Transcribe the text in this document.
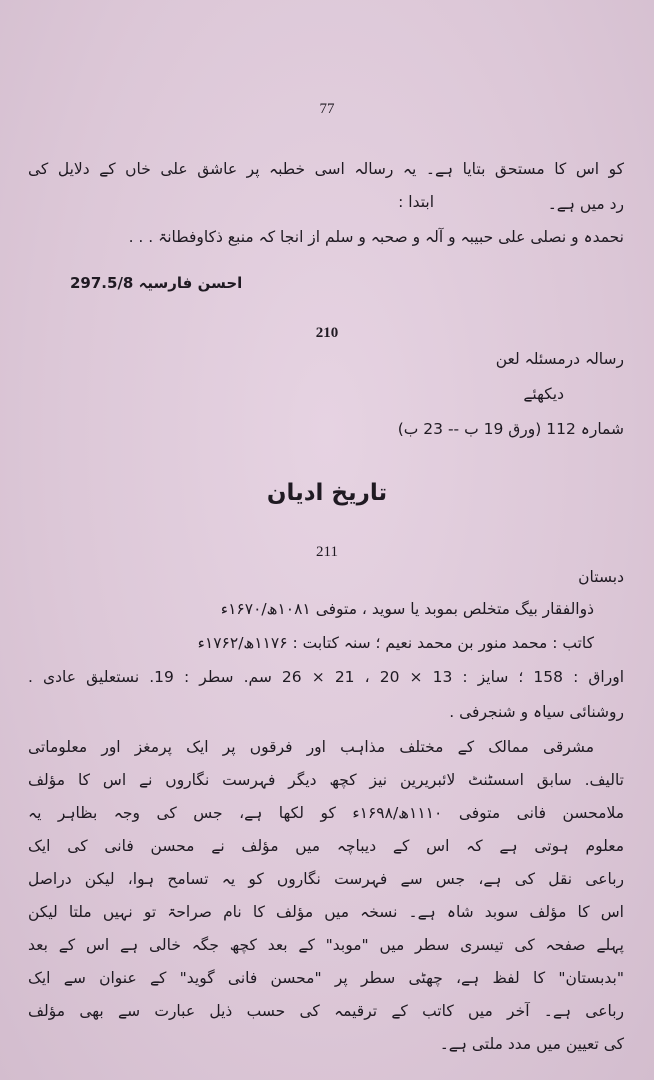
77
کو اس کا مستحق بتایا ہے۔ یہ رسالہ اسی خطبہ پر عاشق علی خاں کے دلایل کی
رد میں ہے۔
ابتدا :
نحمدہ و نصلی علی حبیبہ و آلہ و صحبہ و سلم از انجا کہ منبع ذکاوفطانۃ . . .
احسن فارسیہ 297.5/8
210
رسالہ درمسئلہ لعن
دیکھئے
شمارہ 112 (ورق 19 ب -- 23 ب)
تاریخ ادیان
211
دبستان
ذوالفقار بیگ متخلص بموبد یا سوید ، متوفی ۱۰۸۱ھ/۱۶۷۰ء
کاتب : محمد منور بن محمد نعیم ؛ سنہ کتابت : ۱۱۷۶ھ/۱۷۶۲ء
اوراق : 158 ؛ سایز : 13 × 20 ، 21 × 26 سم. سطر : 19. نستعلیق عادی .
روشنائی سیاہ و شنجرفی .
مشرقی ممالک کے مختلف مذاہب اور فرقوں پر ایک پرمغز اور معلوماتی
تالیف. سابق اسسٹنٹ لائبریرین نیز کچھ دیگر فہرست نگاروں نے اس کا مؤلف
ملامحسن فانی متوفی ۱۱۱۰ھ/۱۶۹۸ء کو لکھا ہے، جس کی وجہ بظاہر یہ
معلوم ہوتی ہے کہ اس کے دیباچہ میں مؤلف نے محسن فانی کی ایک
رباعی نقل کی ہے، جس سے فہرست نگاروں کو یہ تسامح ہوا، لیکن دراصل
اس کا مؤلف سوبد شاہ ہے۔ نسخہ میں مؤلف کا نام صراحۃ تو نہیں ملتا لیکن
پہلے صفحہ کی تیسری سطر میں "موبد" کے بعد کچھ جگہ خالی ہے اس کے بعد
"بدبستان" کا لفظ ہے، چھٹی سطر پر "محسن فانی گوید" کے عنوان سے ایک
رباعی ہے۔ آخر میں کاتب کے ترقیمہ کی حسب ذیل عبارت سے بھی مؤلف
کی تعیین میں مدد ملتی ہے۔
